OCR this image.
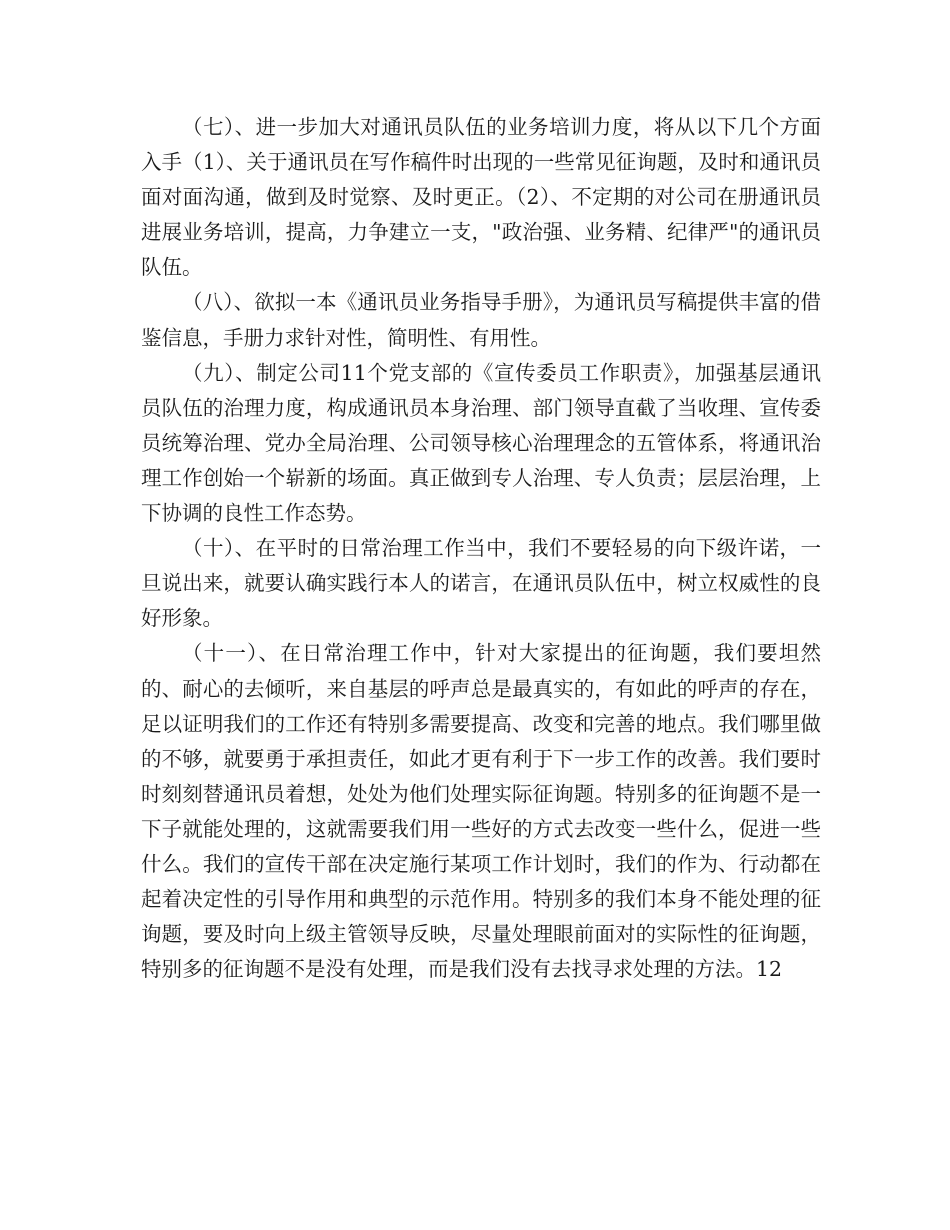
（七）、进一步加大对通讯员队伍的业务培训力度，将从以下几个方面入手（1）、关于通讯员在写作稿件时出现的一些常见征询题，及时和通讯员面对面沟通，做到及时觉察、及时更正。（2）、不定期的对公司在册通讯员进展业务培训，提高，力争建立一支，"政治强、业务精、纪律严"的通讯员队伍。

（八）、欲拟一本《通讯员业务指导手册》，为通讯员写稿提供丰富的借鉴信息，手册力求针对性，简明性、有用性。

（九）、制定公司11个党支部的《宣传委员工作职责》，加强基层通讯员队伍的治理力度，构成通讯员本身治理、部门领导直截了当收理、宣传委员统筹治理、党办全局治理、公司领导核心治理理念的五管体系，将通讯治理工作创始一个崭新的场面。真正做到专人治理、专人负责；层层治理，上下协调的良性工作态势。

（十）、在平时的日常治理工作当中，我们不要轻易的向下级许诺，一旦说出来，就要认确实践行本人的诺言，在通讯员队伍中，树立权威性的良好形象。

（十一）、在日常治理工作中，针对大家提出的征询题，我们要坦然的、耐心的去倾听，来自基层的呼声总是最真实的，有如此的呼声的存在，足以证明我们的工作还有特别多需要提高、改变和完善的地点。我们哪里做的不够，就要勇于承担责任，如此才更有利于下一步工作的改善。我们要时时刻刻替通讯员着想，处处为他们处理实际征询题。特别多的征询题不是一下子就能处理的，这就需要我们用一些好的方式去改变一些什么，促进一些什么。我们的宣传干部在决定施行某项工作计划时，我们的作为、行动都在起着决定性的引导作用和典型的示范作用。特别多的我们本身不能处理的征询题，要及时向上级主管领导反映，尽量处理眼前面对的实际性的征询题，特别多的征询题不是没有处理，而是我们没有去找寻求处理的方法。12
